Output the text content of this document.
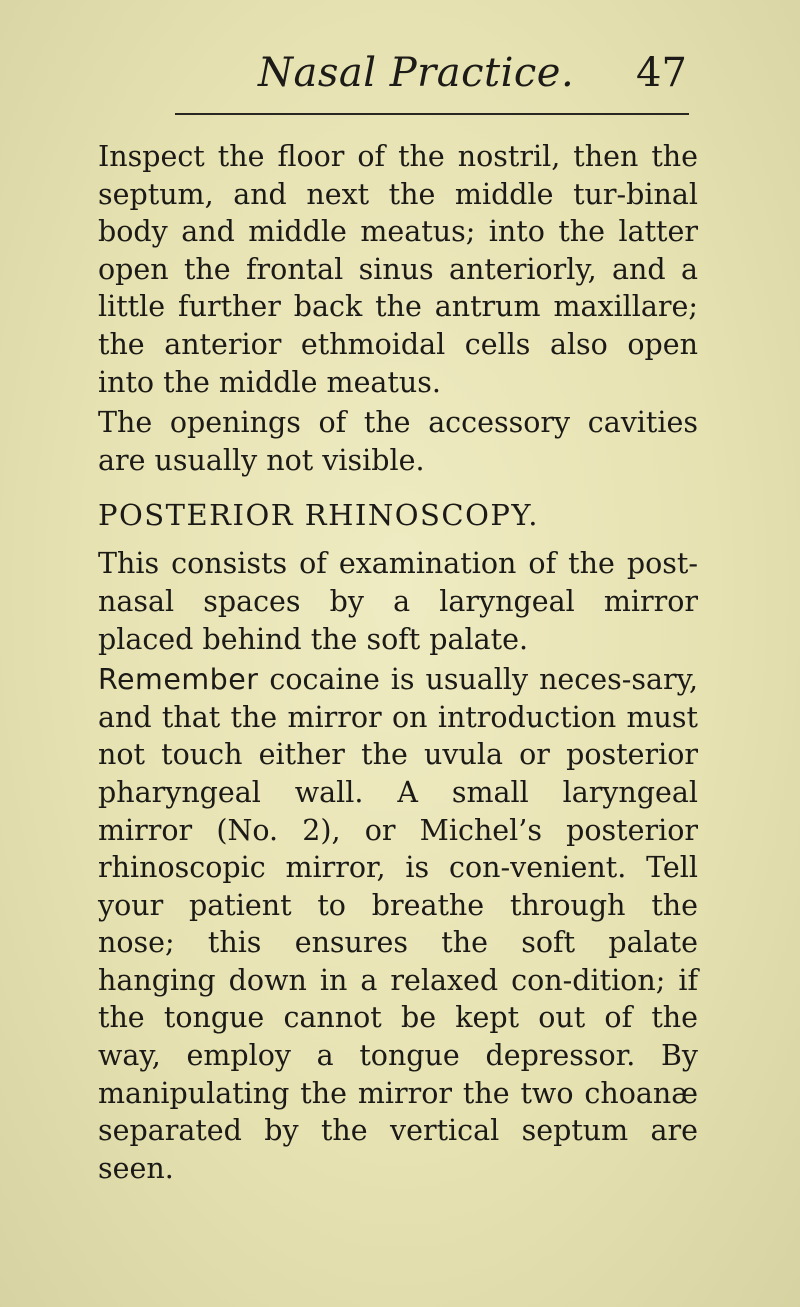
Nasal Practice. 47

Inspect the floor of the nostril, then the septum, and next the middle tur-binal body and middle meatus; into the latter open the frontal sinus anteriorly, and a little further back the antrum maxillare; the anterior ethmoidal cells also open into the middle meatus.

The openings of the accessory cavities are usually not visible.

POSTERIOR RHINOSCOPY.

This consists of examination of the post-nasal spaces by a laryngeal mirror placed behind the soft palate.

Remember cocaine is usually neces-sary, and that the mirror on introduction must not touch either the uvula or posterior pharyngeal wall. A small laryngeal mirror (No. 2), or Michel’s posterior rhinoscopic mirror, is con-venient. Tell your patient to breathe through the nose; this ensures the soft palate hanging down in a relaxed con-dition; if the tongue cannot be kept out of the way, employ a tongue depressor. By manipulating the mirror the two choanæ separated by the vertical septum are seen.
